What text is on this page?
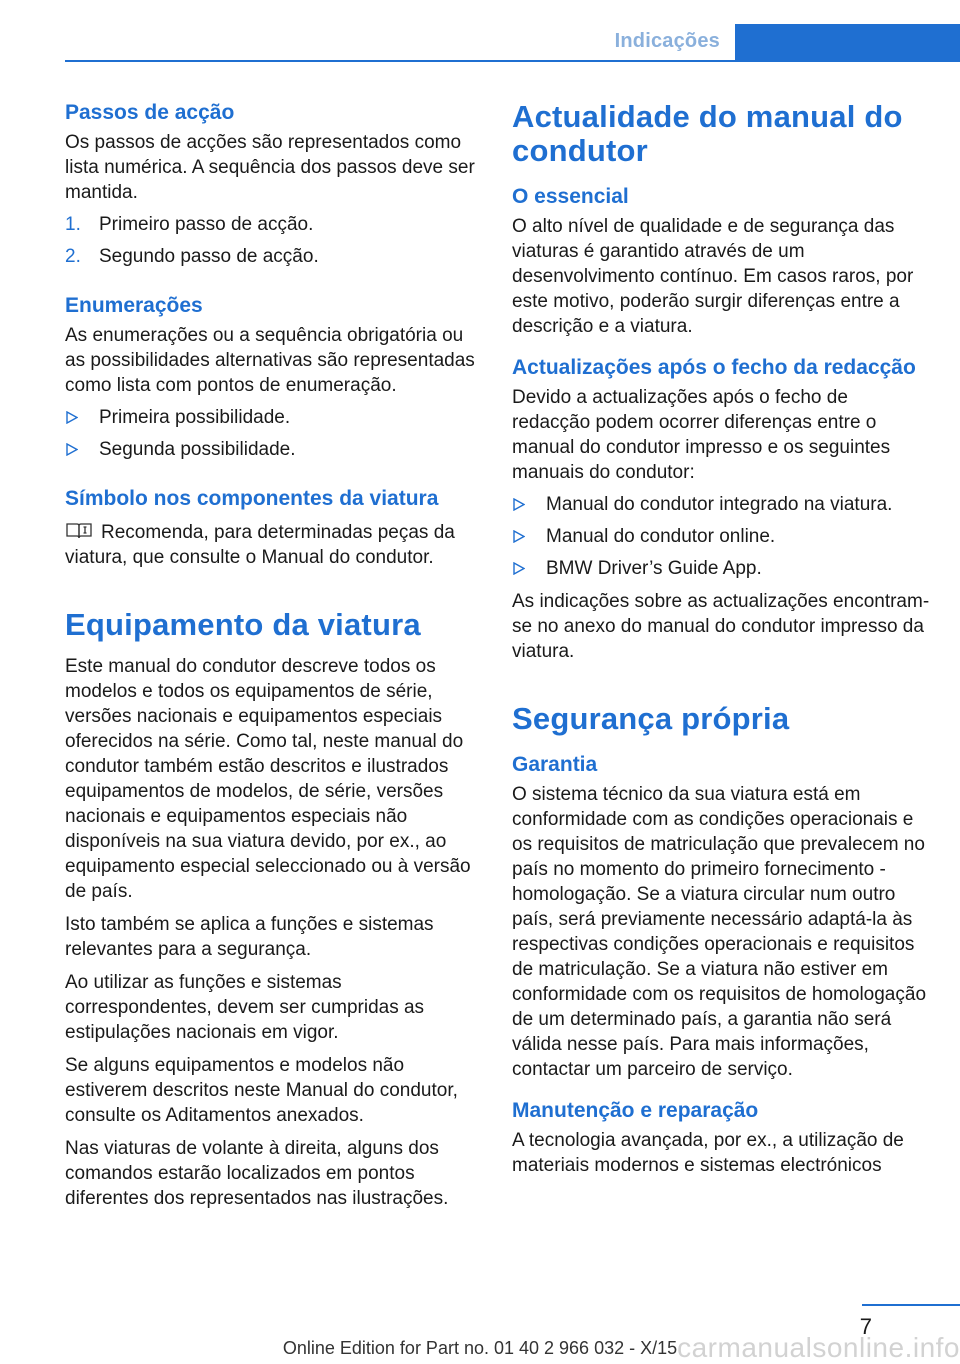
Indicações

Passos de acção

Os passos de acções são representados como lista numérica. A sequência dos passos deve ser mantida.

1. Primeiro passo de acção.
2. Segundo passo de acção.

Enumerações

As enumerações ou a sequência obrigatória ou as possibilidades alternativas são representadas como lista com pontos de enumeração.

Primeira possibilidade.
Segunda possibilidade.

Símbolo nos componentes da viatura

Recomenda, para determinadas peças da viatura, que consulte o Manual do condutor.

Equipamento da viatura

Este manual do condutor descreve todos os modelos e todos os equipamentos de série, versões nacionais e equipamentos especiais oferecidos na série. Como tal, neste manual do condutor também estão descritos e ilustrados equipamentos de modelos, de série, versões nacionais e equipamentos especiais não disponíveis na sua viatura devido, por ex., ao equipamento especial seleccionado ou à versão de país.

Isto também se aplica a funções e sistemas relevantes para a segurança.

Ao utilizar as funções e sistemas correspondentes, devem ser cumpridas as estipulações nacionais em vigor.

Se alguns equipamentos e modelos não estiverem descritos neste Manual do condutor, consulte os Aditamentos anexados.

Nas viaturas de volante à direita, alguns dos comandos estarão localizados em pontos diferentes dos representados nas ilustrações.

Actualidade do manual do condutor

O essencial

O alto nível de qualidade e de segurança das viaturas é garantido através de um desenvolvimento contínuo. Em casos raros, por este motivo, poderão surgir diferenças entre a descrição e a viatura.

Actualizações após o fecho da redacção

Devido a actualizações após o fecho de redacção podem ocorrer diferenças entre o manual do condutor impresso e os seguintes manuais do condutor:

Manual do condutor integrado na viatura.
Manual do condutor online.
BMW Driver’s Guide App.

As indicações sobre as actualizações encontram-se no anexo do manual do condutor impresso da viatura.

Segurança própria

Garantia

O sistema técnico da sua viatura está em conformidade com as condições operacionais e os requisitos de matriculação que prevalecem no país no momento do primeiro fornecimento - homologação. Se a viatura circular num outro país, será previamente necessário adaptá-la às respectivas condições operacionais e requisitos de matriculação. Se a viatura não estiver em conformidade com os requisitos de homologação de um determinado país, a garantia não será válida nesse país. Para mais informações, contactar um parceiro de serviço.

Manutenção e reparação

A tecnologia avançada, por ex., a utilização de materiais modernos e sistemas electrónicos

7
carmanualsonline.info
Online Edition for Part no. 01 40 2 966 032 - X/15
